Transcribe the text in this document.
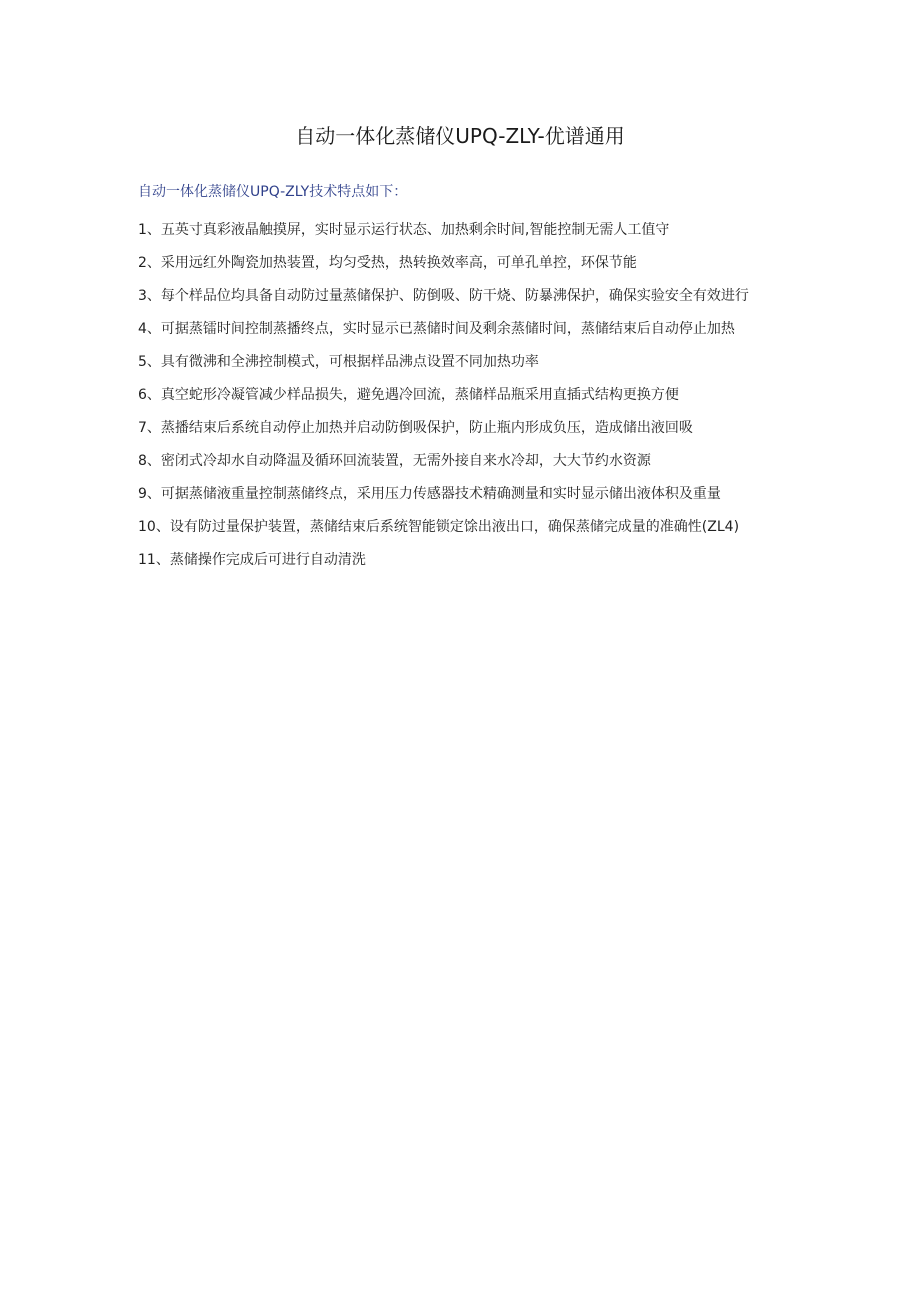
自动一体化蒸储仪UPQ-ZLY-优谱通用
自动一体化蒸储仪UPQ-ZLY技术特点如下：
1、五英寸真彩液晶触摸屏，实时显示运行状态、加热剩余时间,智能控制无需人工值守
2、采用远红外陶瓷加热装置，均匀受热，热转换效率高，可单孔单控，环保节能
3、每个样品位均具备自动防过量蒸储保护、防倒吸、防干烧、防暴沸保护，确保实验安全有效进行
4、可据蒸镭时间控制蒸播终点，实时显示已蒸储时间及剩余蒸储时间，蒸储结束后自动停止加热
5、具有微沸和全沸控制模式，可根据样品沸点设置不同加热功率
6、真空蛇形冷凝管减少样品损失，避免遇冷回流，蒸储样品瓶采用直插式结构更换方便
7、蒸播结束后系统自动停止加热并启动防倒吸保护，防止瓶内形成负压，造成储出液回吸
8、密闭式冷却水自动降温及循环回流装置，无需外接自来水冷却，大大节约水资源
9、可据蒸储液重量控制蒸储终点，采用压力传感器技术精确测量和实时显示储出液体积及重量
10、设有防过量保护装置，蒸储结束后系统智能锁定馀出液出口，确保蒸储完成量的准确性(ZL4)
11、蒸储操作完成后可进行自动清洗
